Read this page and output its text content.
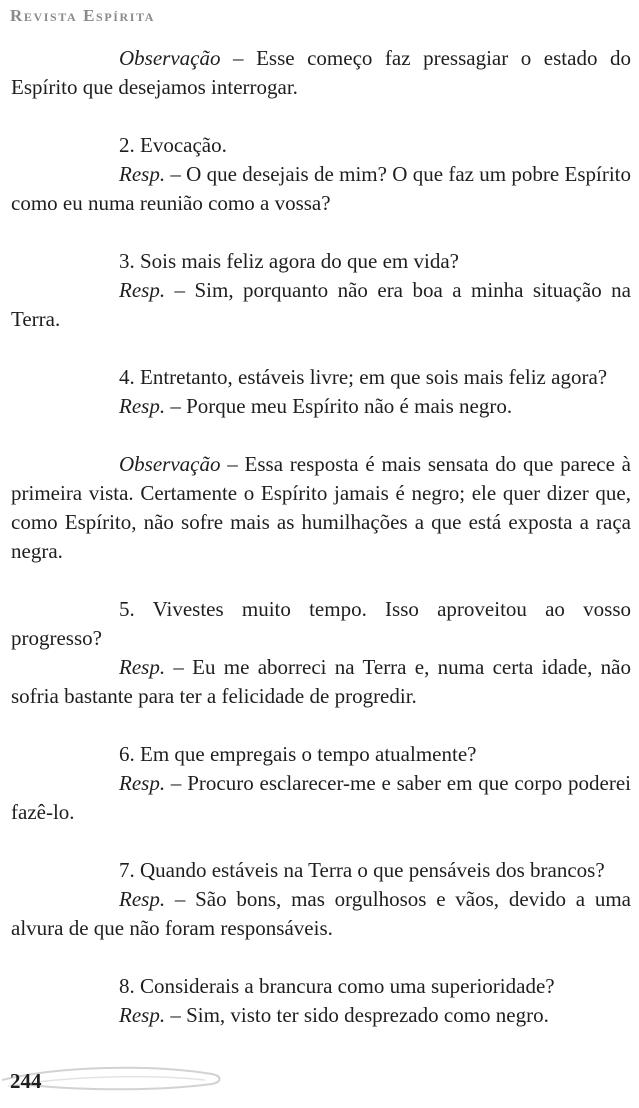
Revista Espírita

Observação – Esse começo faz pressagiar o estado do Espírito que desejamos interrogar.

2. Evocação.

Resp. – O que desejais de mim? O que faz um pobre Espírito como eu numa reunião como a vossa?

3. Sois mais feliz agora do que em vida?

Resp. – Sim, porquanto não era boa a minha situação na Terra.

4. Entretanto, estáveis livre; em que sois mais feliz agora?

Resp. – Porque meu Espírito não é mais negro.

Observação – Essa resposta é mais sensata do que parece à primeira vista. Certamente o Espírito jamais é negro; ele quer dizer que, como Espírito, não sofre mais as humilhações a que está exposta a raça negra.

5. Vivestes muito tempo. Isso aproveitou ao vosso progresso?

Resp. – Eu me aborreci na Terra e, numa certa idade, não sofria bastante para ter a felicidade de progredir.

6. Em que empregais o tempo atualmente?

Resp. – Procuro esclarecer-me e saber em que corpo poderei fazê-lo.

7. Quando estáveis na Terra o que pensáveis dos brancos?

Resp. – São bons, mas orgulhosos e vãos, devido a uma alvura de que não foram responsáveis.

8. Considerais a brancura como uma superioridade?

Resp. – Sim, visto ter sido desprezado como negro.

244
